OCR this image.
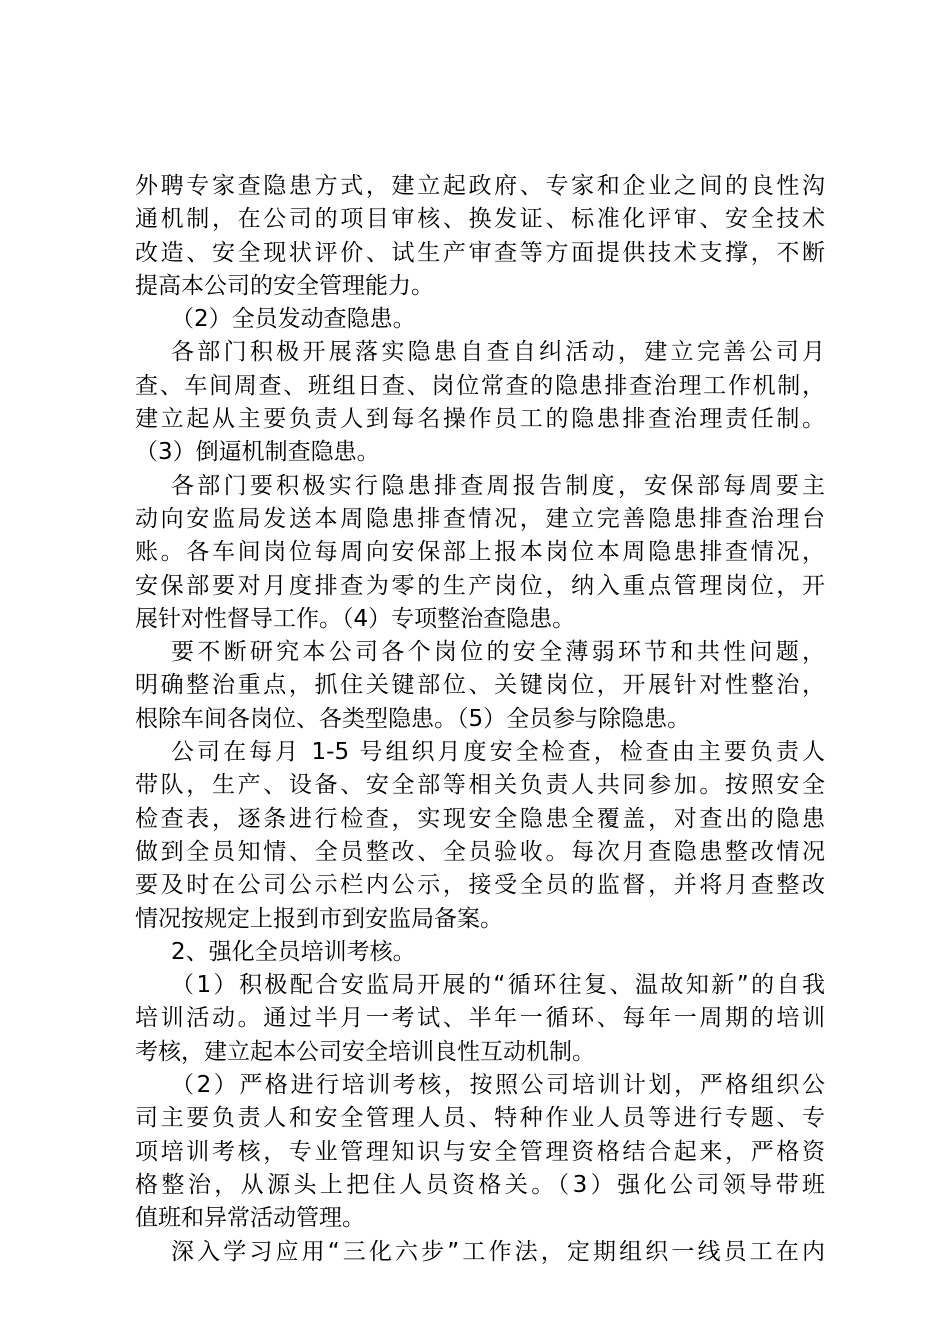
外聘专家查隐患方式，建立起政府、专家和企业之间的良性沟
通机制，在公司的项目审核、换发证、标准化评审、安全技术
改造、安全现状评价、试生产审查等方面提供技术支撑，不断
提高本公司的安全管理能力。
（2）全员发动查隐患。
各部门积极开展落实隐患自查自纠活动，建立完善公司月
查、车间周查、班组日查、岗位常查的隐患排查治理工作机制，
建立起从主要负责人到每名操作员工的隐患排查治理责任制。
（3）倒逼机制查隐患。
各部门要积极实行隐患排查周报告制度，安保部每周要主
动向安监局发送本周隐患排查情况，建立完善隐患排查治理台
账。各车间岗位每周向安保部上报本岗位本周隐患排查情况，
安保部要对月度排查为零的生产岗位，纳入重点管理岗位，开
展针对性督导工作。（4）专项整治查隐患。
要不断研究本公司各个岗位的安全薄弱环节和共性问题，
明确整治重点，抓住关键部位、关键岗位，开展针对性整治，
根除车间各岗位、各类型隐患。（5）全员参与除隐患。
公司在每月 1-5 号组织月度安全检查，检查由主要负责人
带队，生产、设备、安全部等相关负责人共同参加。按照安全
检查表，逐条进行检查，实现安全隐患全覆盖，对查出的隐患
做到全员知情、全员整改、全员验收。每次月查隐患整改情况
要及时在公司公示栏内公示，接受全员的监督，并将月查整改
情况按规定上报到市到安监局备案。
2、强化全员培训考核。
（1）积极配合安监局开展的“循环往复、温故知新”的自我
培训活动。通过半月一考试、半年一循环、每年一周期的培训
考核，建立起本公司安全培训良性互动机制。
（2）严格进行培训考核，按照公司培训计划，严格组织公
司主要负责人和安全管理人员、特种作业人员等进行专题、专
项培训考核，专业管理知识与安全管理资格结合起来，严格资
格整治，从源头上把住人员资格关。（3）强化公司领导带班
值班和异常活动管理。
深入学习应用“三化六步”工作法，定期组织一线员工在内
